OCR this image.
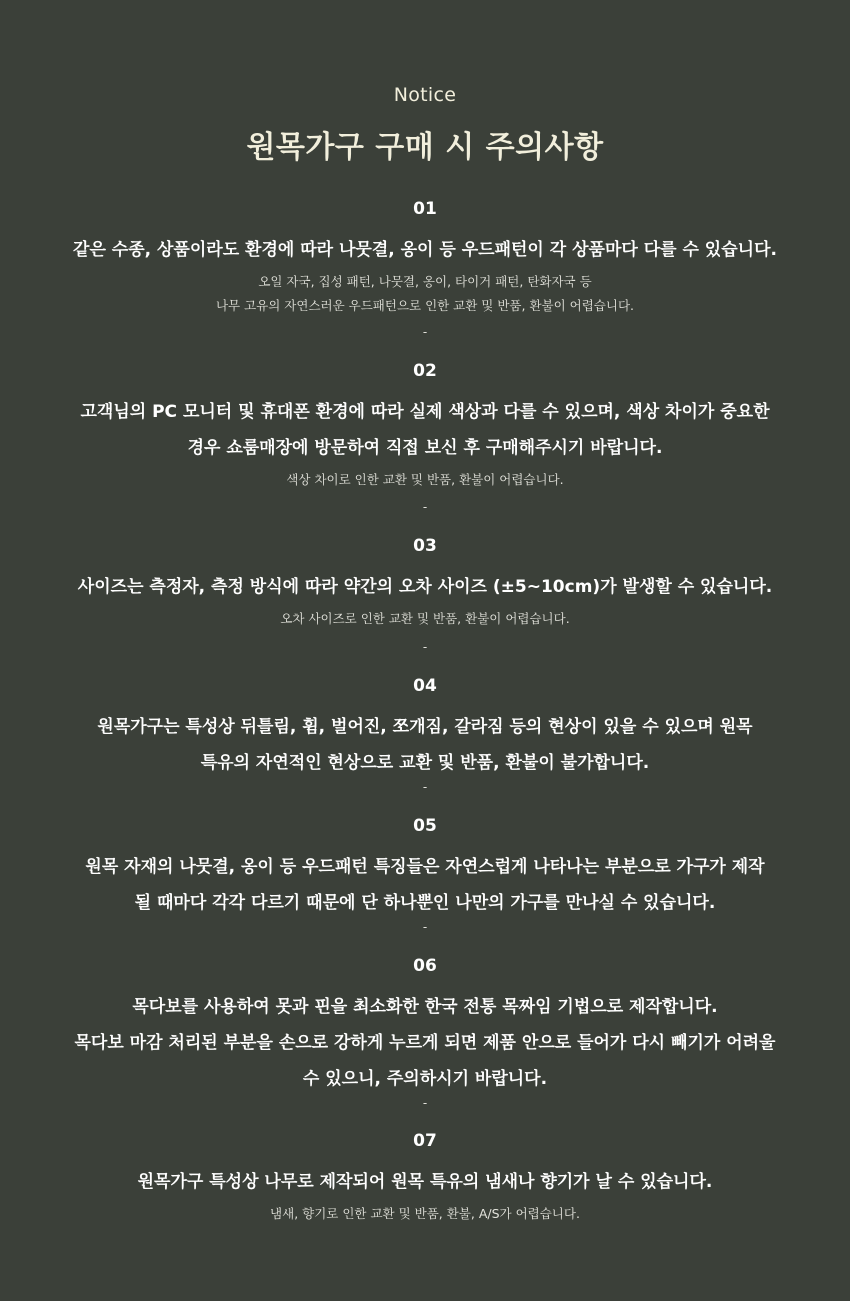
Notice
원목가구 구매 시 주의사항
01
같은 수종, 상품이라도 환경에 따라 나뭇결, 옹이 등 우드패턴이 각 상품마다 다를 수 있습니다.
오일 자국, 집성 패턴, 나뭇결, 옹이, 타이거 패턴, 탄화자국 등
나무 고유의 자연스러운 우드패턴으로 인한 교환 및 반품, 환불이 어렵습니다.
-
02
고객님의 PC 모니터 및 휴대폰 환경에 따라 실제 색상과 다를 수 있으며, 색상 차이가 중요한
경우 쇼룸매장에 방문하여 직접 보신 후 구매해주시기 바랍니다.
색상 차이로 인한 교환 및 반품, 환불이 어렵습니다.
-
03
사이즈는 측정자, 측정 방식에 따라 약간의 오차 사이즈 (±5~10cm)가 발생할 수 있습니다.
오차 사이즈로 인한 교환 및 반품, 환불이 어렵습니다.
-
04
원목가구는 특성상 뒤틀림, 휨, 벌어진, 쪼개짐, 갈라짐 등의 현상이 있을 수 있으며 원목
특유의 자연적인 현상으로 교환 및 반품, 환불이 불가합니다.
-
05
원목 자재의 나뭇결, 옹이 등 우드패턴 특징들은 자연스럽게 나타나는 부분으로 가구가 제작
될 때마다 각각 다르기 때문에 단 하나뿐인 나만의 가구를 만나실 수 있습니다.
-
06
목다보를 사용하여 못과 핀을 최소화한 한국 전통 목짜임 기법으로 제작합니다.
목다보 마감 처리된 부분을 손으로 강하게 누르게 되면 제품 안으로 들어가 다시 빼기가 어려울
수 있으니, 주의하시기 바랍니다.
-
07
원목가구 특성상 나무로 제작되어 원목 특유의 냄새나 향기가 날 수 있습니다.
냄새, 향기로 인한 교환 및 반품, 환불, A/S가 어렵습니다.
